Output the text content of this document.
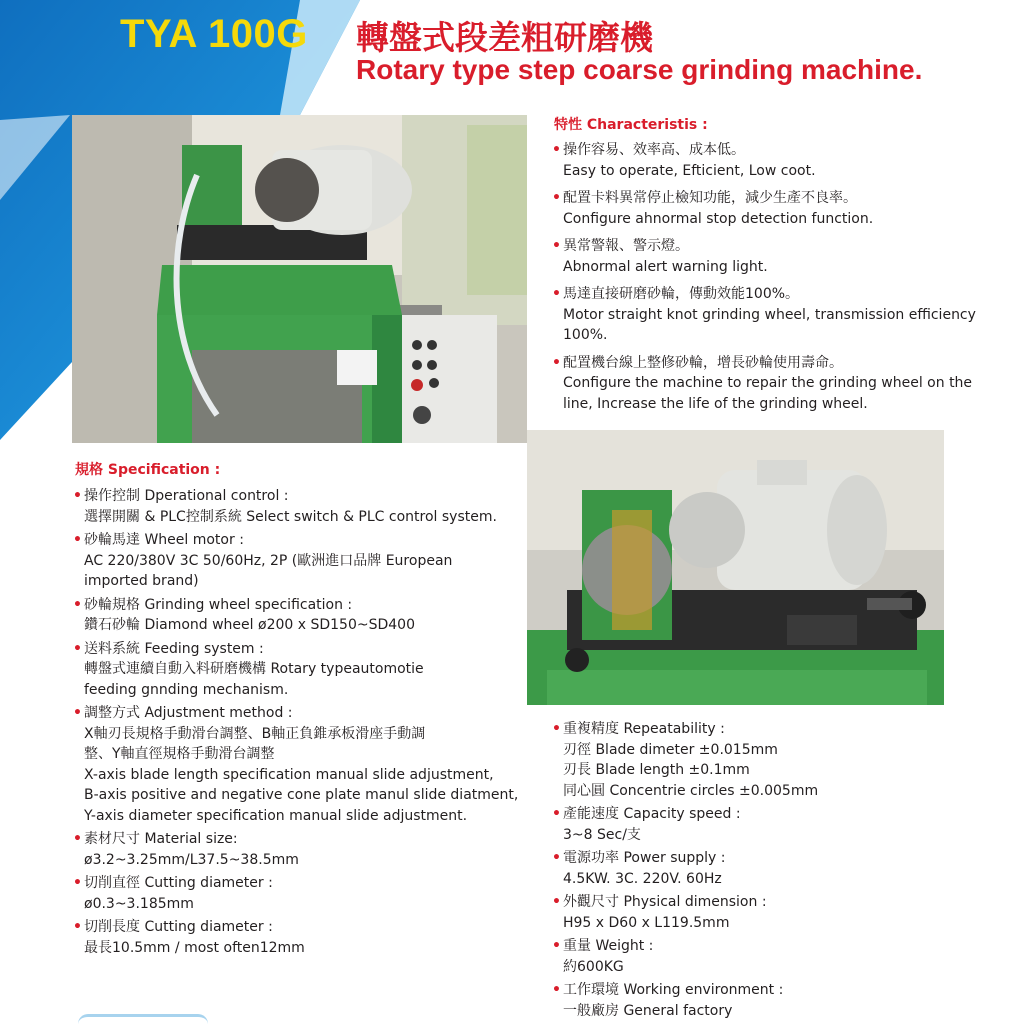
TYA 100G 轉盤式段差粗研磨機
Rotary type step coarse grinding machine.
特性 Characteristis :
• 操作容易、效率高、成本低。
Easy to operate, Efticient, Low coot.
• 配置卡料異常停止檢知功能，減少生產不良率。
Configure ahnormal stop detection function.
• 異常警報、警示燈。
Abnormal alert warning light.
• 馬達直接研磨砂輪，傳動效能100%。
Motor straight knot grinding wheel, transmission efficiency 100%.
• 配置機台線上整修砂輪，增長砂輪使用壽命。
Configure the machine to repair the grinding wheel on the line, Increase the life of the grinding wheel.
規格 Specification :
• 操作控制 Dperational control :
選擇開關 & PLC控制系統 Select switch & PLC control system.
• 砂輪馬達 Wheel motor :
AC 220/380V 3C 50/60Hz, 2P (歐洲進口品牌 European
imported brand)
• 砂輪規格 Grinding wheel specification :
鑽石砂輪 Diamond wheel ø200 x SD150~SD400
• 送料系統 Feeding system :
轉盤式連續自動入料研磨機構 Rotary typeautomotie
feeding gnnding mechanism.
• 調整方式 Adjustment method :
X軸刃長規格手動滑台調整、B軸正負錐承板滑座手動調
整、Y軸直徑規格手動滑台調整
X-axis blade length specification manual slide adjustment,
B-axis positive and negative cone plate manul slide diatment,
Y-axis diameter specification manual slide adjustment.
• 素材尺寸 Material size:
ø3.2~3.25mm/L37.5~38.5mm
• 切削直徑 Cutting diameter :
ø0.3~3.185mm
• 切削長度 Cutting diameter :
最長10.5mm / most often12mm
• 重複精度 Repeatability :
刃徑 Blade dimeter ±0.015mm
刃長 Blade length ±0.1mm
同心圓 Concentrie circles ±0.005mm
• 產能速度 Capacity speed :
3~8 Sec/支
• 電源功率 Power supply :
4.5KW. 3C. 220V. 60Hz
• 外觀尺寸 Physical dimension :
H95 x D60 x L119.5mm
• 重量 Weight :
約600KG
• 工作環境 Working environment :
一般廠房 General factory
